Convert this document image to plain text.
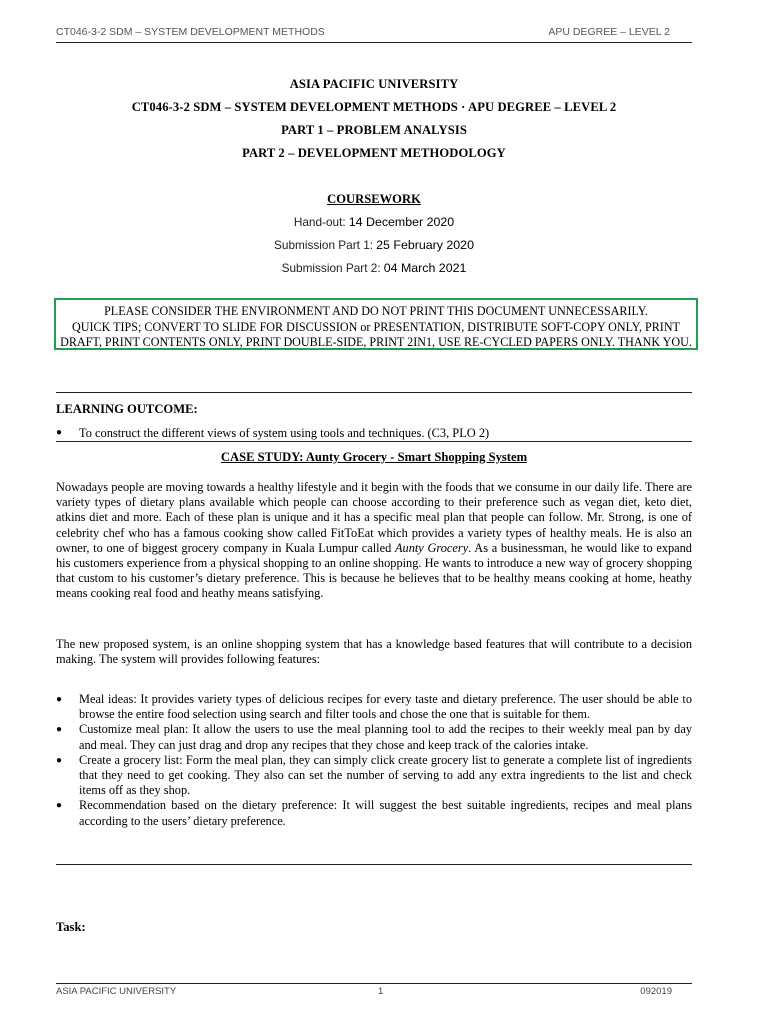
CT046-3-2 SDM – SYSTEM DEVELOPMENT METHODS	APU DEGREE – LEVEL 2
ASIA PACIFIC UNIVERSITY
CT046-3-2 SDM – SYSTEM DEVELOPMENT METHODS · APU DEGREE – LEVEL 2
PART 1 – PROBLEM ANALYSIS
PART 2 – DEVELOPMENT METHODOLOGY
COURSEWORK
Hand-out: 14 December 2020
Submission Part 1: 25 February 2020
Submission Part 2: 04 March 2021
PLEASE CONSIDER THE ENVIRONMENT AND DO NOT PRINT THIS DOCUMENT UNNECESSARILY.
QUICK TIPS; CONVERT TO SLIDE FOR DISCUSSION or PRESENTATION, DISTRIBUTE SOFT-COPY ONLY, PRINT
DRAFT, PRINT CONTENTS ONLY, PRINT DOUBLE-SIDE, PRINT 2IN1, USE RE-CYCLED PAPERS ONLY. THANK YOU.
LEARNING OUTCOME:
● To construct the different views of system using tools and techniques. (C3, PLO 2)
CASE STUDY: Aunty Grocery - Smart Shopping System

Nowadays people are moving towards a healthy lifestyle and it begin with the foods that we consume in our daily life. There are variety types of dietary plans available which people can choose according to their preference such as vegan diet, keto diet, atkins diet and more. Each of these plan is unique and it has a specific meal plan that people can follow. Mr. Strong, is one of celebrity chef who has a famous cooking show called FitToEat which provides a variety types of healthy meals. He is also an owner, to one of biggest grocery company in Kuala Lumpur called Aunty Grocery. As a businessman, he would like to expand his customers experience from a physical shopping to an online shopping. He wants to introduce a new way of grocery shopping that custom to his customer’s dietary preference. This is because he believes that to be healthy means cooking at home, heathy means cooking real food and heathy means satisfying.

The new proposed system, is an online shopping system that has a knowledge based features that will contribute to a decision making. The system will provides following features:

● Meal ideas: It provides variety types of delicious recipes for every taste and dietary preference. The user should be able to browse the entire food selection using search and filter tools and chose the one that is suitable for them.
● Customize meal plan: It allow the users to use the meal planning tool to add the recipes to their weekly meal pan by day and meal. They can just drag and drop any recipes that they chose and keep track of the calories intake.
● Create a grocery list: Form the meal plan, they can simply click create grocery list to generate a complete list of ingredients that they need to get cooking. They also can set the number of serving to add any extra ingredients to the list and check items off as they shop.
● Recommendation based on the dietary preference: It will suggest the best suitable ingredients, recipes and meal plans according to the users’ dietary preference.
Task:
ASIA PACIFIC UNIVERSITY	1	092019
